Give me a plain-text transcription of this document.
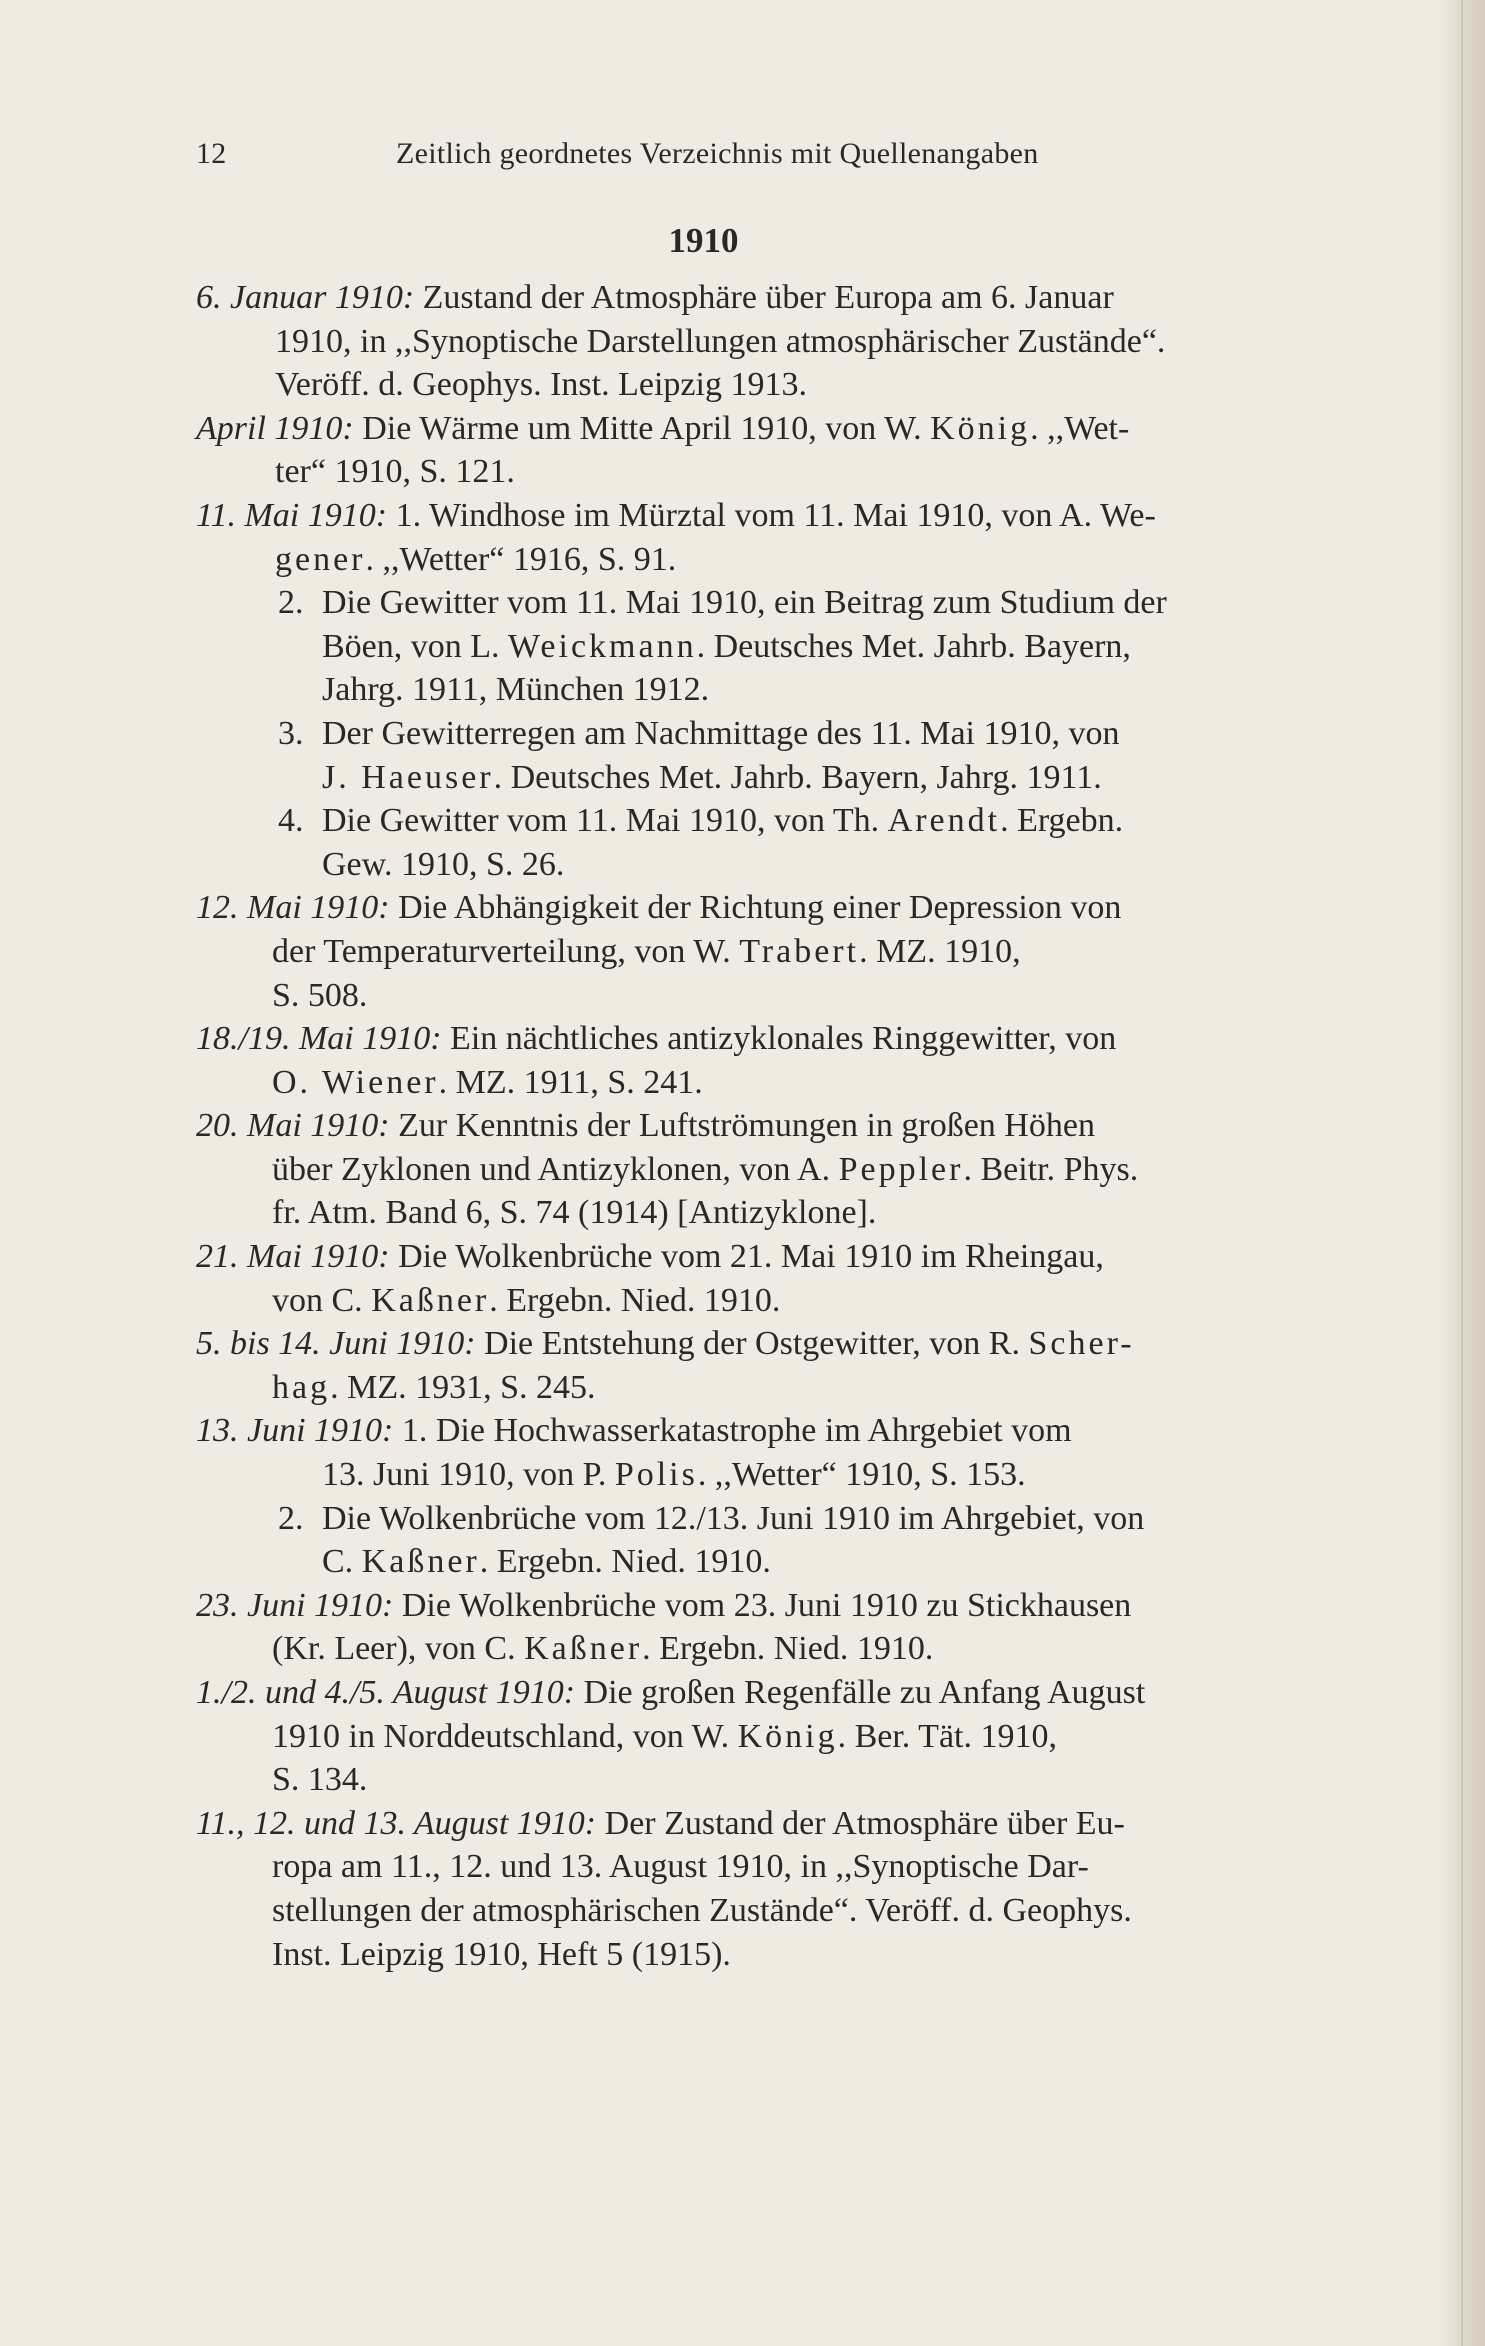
12	Zeitlich geordnetes Verzeichnis mit Quellenangaben
1910
6. Januar 1910: Zustand der Atmosphäre über Europa am 6. Januar
1910, in ,,Synoptische Darstellungen atmosphärischer Zustände“.
Veröff. d. Geophys. Inst. Leipzig 1913.
April 1910: Die Wärme um Mitte April 1910, von W. König. ,,Wet-
ter“ 1910, S. 121.
11. Mai 1910: 1. Windhose im Mürztal vom 11. Mai 1910, von A. We-
gener. ,,Wetter“ 1916, S. 91.
2. Die Gewitter vom 11. Mai 1910, ein Beitrag zum Studium der
Böen, von L. Weickmann. Deutsches Met. Jahrb. Bayern,
Jahrg. 1911, München 1912.
3. Der Gewitterregen am Nachmittage des 11. Mai 1910, von
J. Haeuser. Deutsches Met. Jahrb. Bayern, Jahrg. 1911.
4. Die Gewitter vom 11. Mai 1910, von Th. Arendt. Ergebn.
Gew. 1910, S. 26.
12. Mai 1910: Die Abhängigkeit der Richtung einer Depression von
der Temperaturverteilung, von W. Trabert. MZ. 1910,
S. 508.
18./19. Mai 1910: Ein nächtliches antizyklonales Ringgewitter, von
O. Wiener. MZ. 1911, S. 241.
20. Mai 1910: Zur Kenntnis der Luftströmungen in großen Höhen
über Zyklonen und Antizyklonen, von A. Peppler. Beitr. Phys.
fr. Atm. Band 6, S. 74 (1914) [Antizyklone].
21. Mai 1910: Die Wolkenbrüche vom 21. Mai 1910 im Rheingau,
von C. Kaßner. Ergebn. Nied. 1910.
5. bis 14. Juni 1910: Die Entstehung der Ostgewitter, von R. Scher-
hag. MZ. 1931, S. 245.
13. Juni 1910: 1. Die Hochwasserkatastrophe im Ahrgebiet vom
13. Juni 1910, von P. Polis. ,,Wetter“ 1910, S. 153.
2. Die Wolkenbrüche vom 12./13. Juni 1910 im Ahrgebiet, von
C. Kaßner. Ergebn. Nied. 1910.
23. Juni 1910: Die Wolkenbrüche vom 23. Juni 1910 zu Stickhausen
(Kr. Leer), von C. Kaßner. Ergebn. Nied. 1910.
1./2. und 4./5. August 1910: Die großen Regenfälle zu Anfang August
1910 in Norddeutschland, von W. König. Ber. Tät. 1910,
S. 134.
11., 12. und 13. August 1910: Der Zustand der Atmosphäre über Eu-
ropa am 11., 12. und 13. August 1910, in ,,Synoptische Dar-
stellungen der atmosphärischen Zustände“. Veröff. d. Geophys.
Inst. Leipzig 1910, Heft 5 (1915).
